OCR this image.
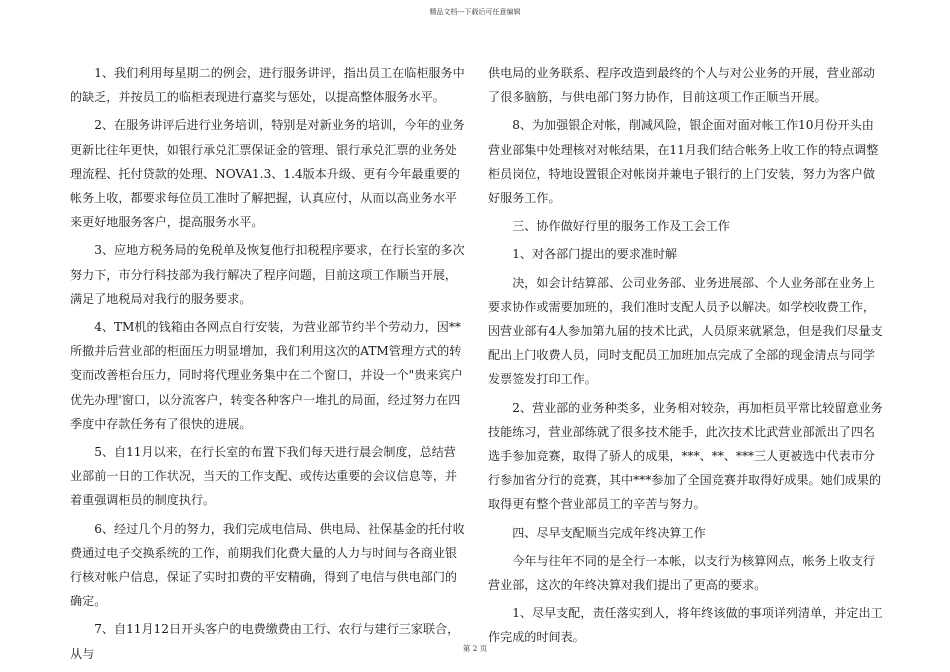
精品文档---下载后可任意编辑

1、我们利用每星期二的例会，进行服务讲评，指出员工在临柜服务中的缺乏，并按员工的临柜表现进行嘉奖与惩处，以提高整体服务水平。

2、在服务讲评后进行业务培训，特别是对新业务的培训，今年的业务更新比往年更快，如银行承兑汇票保证金的管理、银行承兑汇票的业务处理流程、托付贷款的处理、NOVA1.3、1.4版本升级、更有今年最重要的帐务上收，都要求每位员工准时了解把握，认真应付，从而以高业务水平来更好地服务客户，提高服务水平。

3、应地方税务局的免税单及恢复他行扣税程序要求，在行长室的多次努力下，市分行科技部为我行解决了程序问题，目前这项工作顺当开展，满足了地税局对我行的服务要求。

4、TM机的钱箱由各网点自行安装，为营业部节约半个劳动力，因**所撤并后营业部的柜面压力明显增加，我们利用这次的ATM管理方式的转变而改善柜台压力，同时将代理业务集中在二个窗口，并设一个"贵来宾户优先办理'窗口，以分流客户，转变各种客户一堆扎的局面，经过努力在四季度中存款任务有了很快的进展。

5、自11月以来，在行长室的布置下我们每天进行晨会制度，总结营业部前一日的工作状况，当天的工作支配、或传达重要的会议信息等，并着重强调柜员的制度执行。

6、经过几个月的努力，我们完成电信局、供电局、社保基金的托付收费通过电子交换系统的工作，前期我们化费大量的人力与时间与各商业银行核对帐户信息，保证了实时扣费的平安精确，得到了电信与供电部门的确定。

7、自11月12日开头客户的电费缴费由工行、农行与建行三家联合，从与

供电局的业务联系、程序改造到最终的个人与对公业务的开展，营业部动了很多脑筋，与供电部门努力协作，目前这项工作正顺当开展。

8、为加强银企对帐，削减风险，银企面对面对帐工作10月份开头由营业部集中处理核对对帐结果，在11月我们结合帐务上收工作的特点调整柜员岗位，特地设置银企对帐岗并兼电子银行的上门安装，努力为客户做好服务工作。

三、协作做好行里的服务工作及工会工作

1、对各部门提出的要求准时解

决，如会计结算部、公司业务部、业务进展部、个人业务部在业务上要求协作或需要加班的，我们准时支配人员予以解决。如学校收费工作，因营业部有4人参加第九届的技术比武，人员原来就紧急，但是我们尽量支配出上门收费人员，同时支配员工加班加点完成了全部的现金清点与同学发票签发打印工作。

2、营业部的业务种类多，业务相对较杂，再加柜员平常比较留意业务技能练习，营业部练就了很多技术能手，此次技术比武营业部派出了四名选手参加竞赛，取得了骄人的成果，***、**、***三人更被选中代表市分行参加省分行的竞赛，其中***参加了全国竞赛并取得好成果。她们成果的取得更有整个营业部员工的辛苦与努力。

四、尽早支配顺当完成年终决算工作

今年与往年不同的是全行一本帐，以支行为核算网点，帐务上收支行营业部，这次的年终决算对我们提出了更高的要求。

1、尽早支配，责任落实到人，将年终该做的事项详列清单，并定出工作完成的时间表。

第 2 页
